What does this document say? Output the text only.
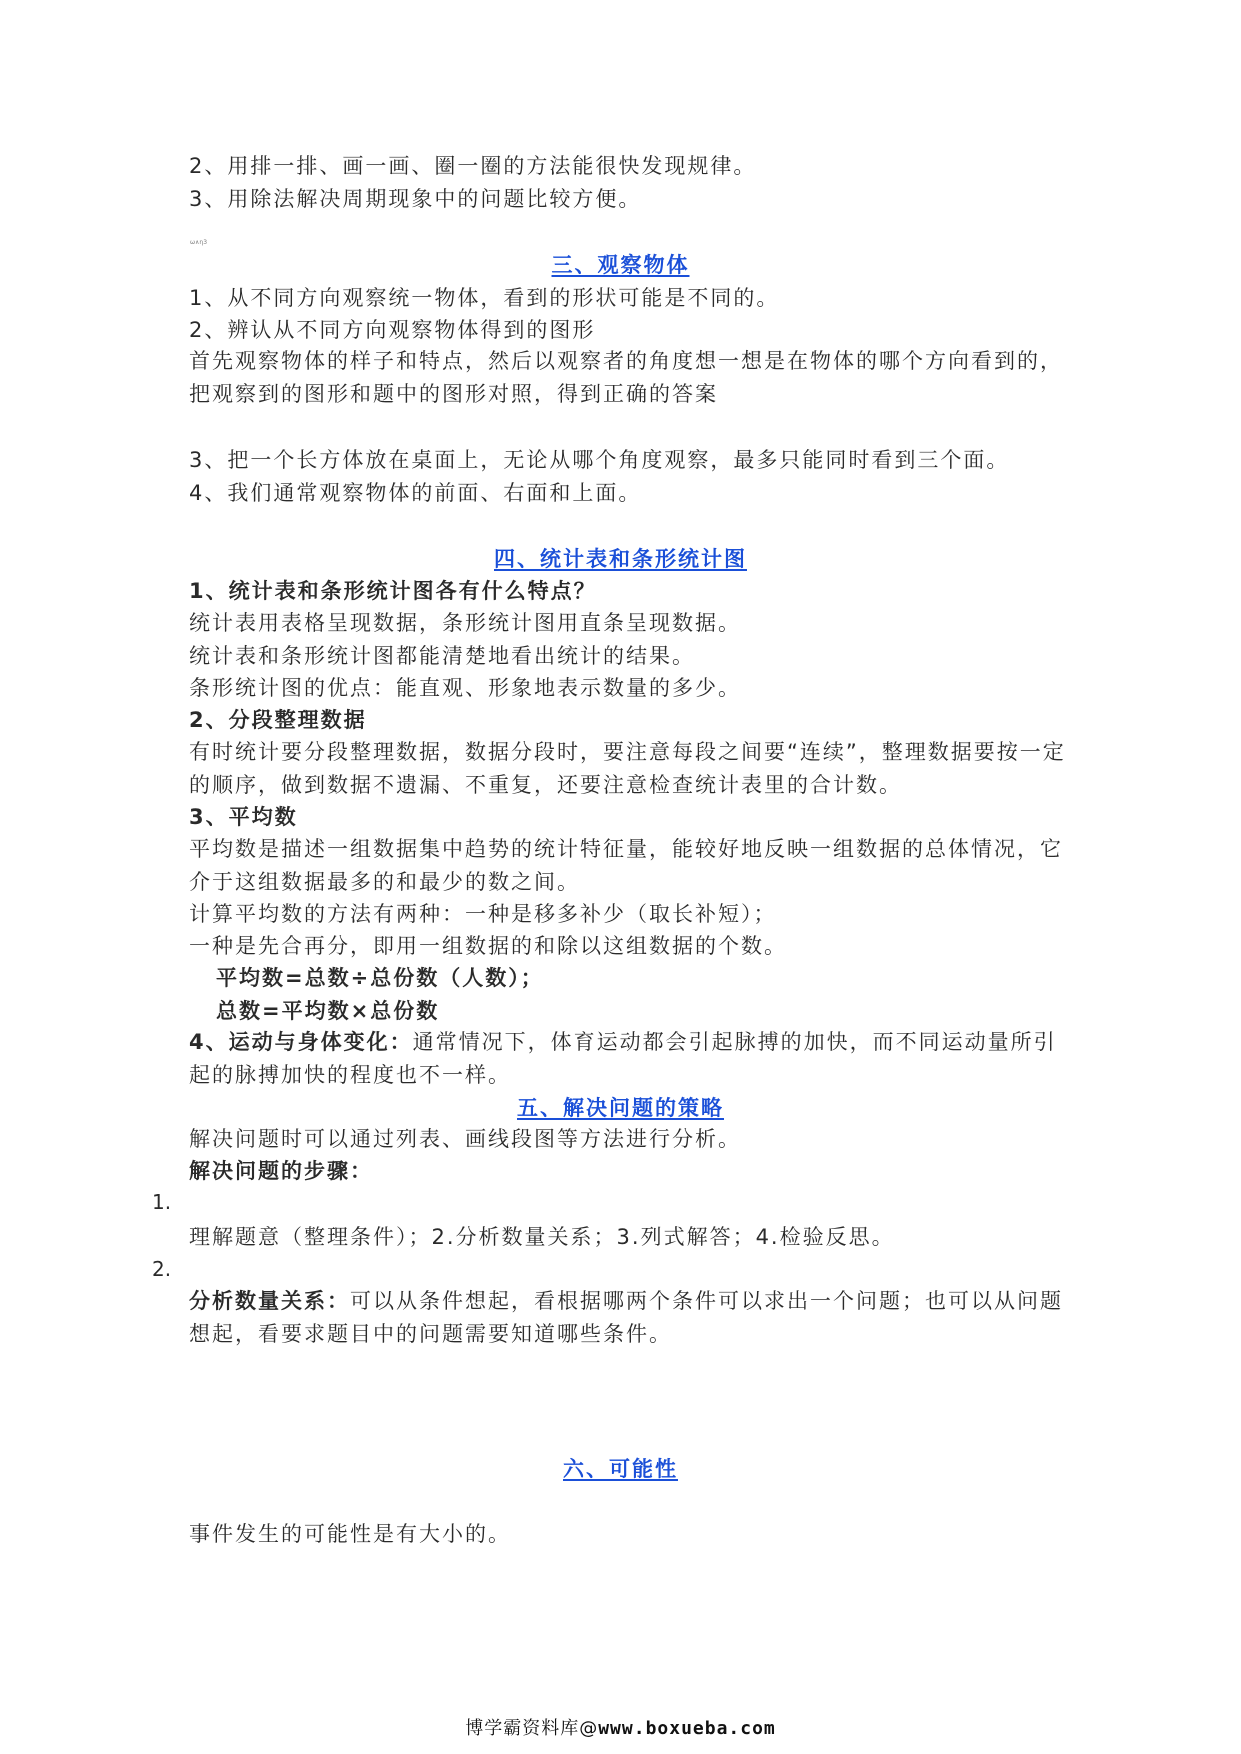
2、用排一排、画一画、圈一圈的方法能很快发现规律。
3、用除法解决周期现象中的问题比较方便。
ω∧η3
三、观察物体
1、从不同方向观察统一物体，看到的形状可能是不同的。
2、辨认从不同方向观察物体得到的图形
首先观察物体的样子和特点，然后以观察者的角度想一想是在物体的哪个方向看到的，把观察到的图形和题中的图形对照，得到正确的答案
3、把一个长方体放在桌面上，无论从哪个角度观察，最多只能同时看到三个面。
4、我们通常观察物体的前面、右面和上面。
四、统计表和条形统计图
1、统计表和条形统计图各有什么特点？
统计表用表格呈现数据，条形统计图用直条呈现数据。
统计表和条形统计图都能清楚地看出统计的结果。
条形统计图的优点：能直观、形象地表示数量的多少。
2、分段整理数据
有时统计要分段整理数据，数据分段时，要注意每段之间要“连续”，整理数据要按一定的顺序，做到数据不遗漏、不重复，还要注意检查统计表里的合计数。
3、平均数
平均数是描述一组数据集中趋势的统计特征量，能较好地反映一组数据的总体情况，它介于这组数据最多的和最少的数之间。
计算平均数的方法有两种：一种是移多补少（取长补短）；
一种是先合再分，即用一组数据的和除以这组数据的个数。
平均数=总数÷总份数（人数）；
总数=平均数×总份数
4、运动与身体变化：通常情况下，体育运动都会引起脉搏的加快，而不同运动量所引起的脉搏加快的程度也不一样。
五、解决问题的策略
解决问题时可以通过列表、画线段图等方法进行分析。
解决问题的步骤：
1.
理解题意（整理条件）；2.分析数量关系；3.列式解答；4.检验反思。
2.
分析数量关系：可以从条件想起，看根据哪两个条件可以求出一个问题；也可以从问题想起，看要求题目中的问题需要知道哪些条件。
六、可能性
事件发生的可能性是有大小的。
博学霸资料库@www.boxueba.com
